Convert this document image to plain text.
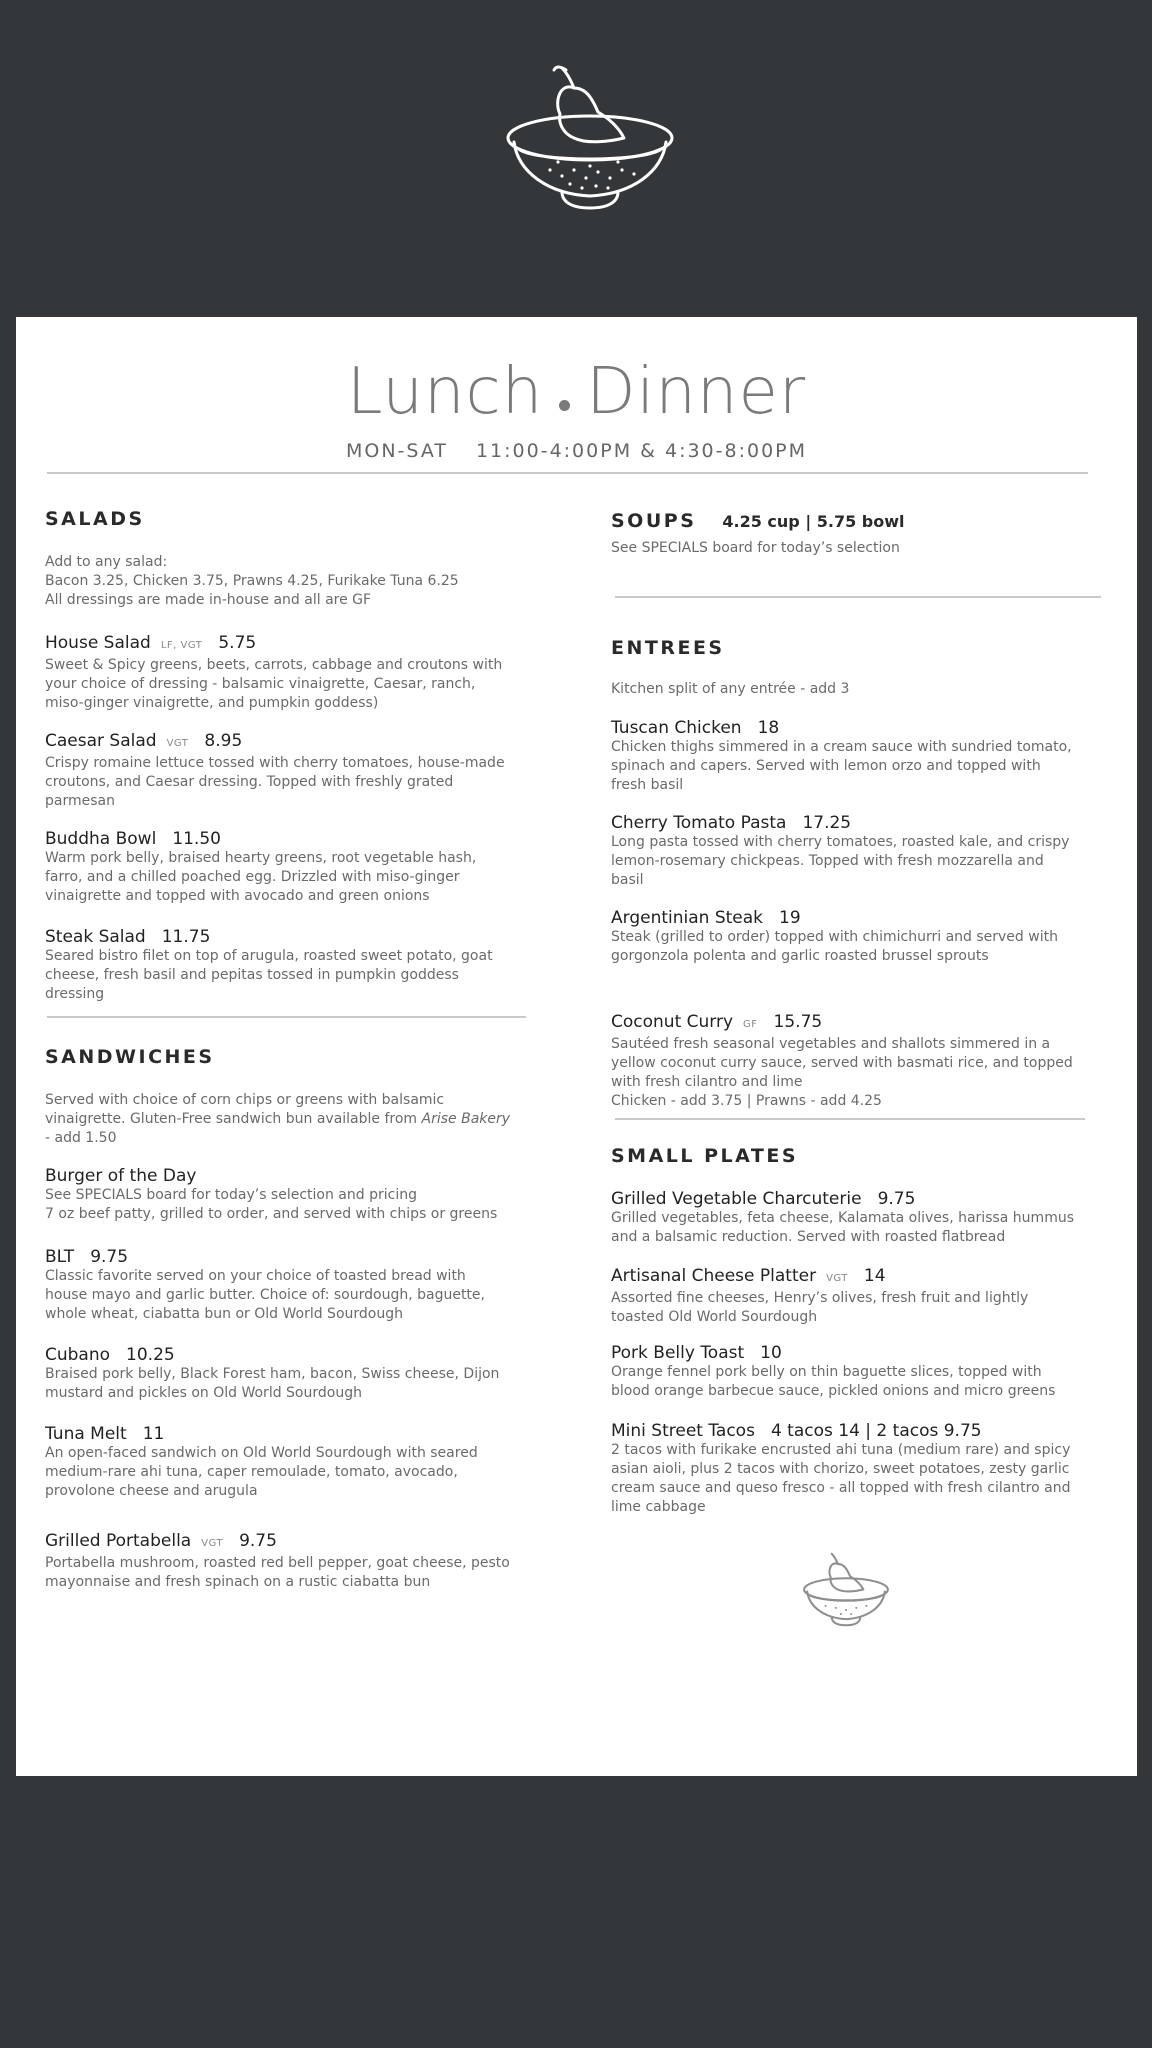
Lunch Dinner
MON-SAT 11:00-4:00PM & 4:30-8:00PM
SALADS
Add to any salad:
Bacon 3.25, Chicken 3.75, Prawns 4.25, Furikake Tuna 6.25
All dressings are made in-house and all are GF
House Salad LF, VGT 5.75
Sweet & Spicy greens, beets, carrots, cabbage and croutons with
your choice of dressing - balsamic vinaigrette, Caesar, ranch,
miso-ginger vinaigrette, and pumpkin goddess)
Caesar Salad VGT 8.95
Crispy romaine lettuce tossed with cherry tomatoes, house-made
croutons, and Caesar dressing. Topped with freshly grated
parmesan
Buddha Bowl 11.50
Warm pork belly, braised hearty greens, root vegetable hash,
farro, and a chilled poached egg. Drizzled with miso-ginger
vinaigrette and topped with avocado and green onions
Steak Salad 11.75
Seared bistro filet on top of arugula, roasted sweet potato, goat
cheese, fresh basil and pepitas tossed in pumpkin goddess
dressing
SANDWICHES
Served with choice of corn chips or greens with balsamic
vinaigrette. Gluten-Free sandwich bun available from Arise Bakery
- add 1.50
Burger of the Day
See SPECIALS board for today’s selection and pricing
7 oz beef patty, grilled to order, and served with chips or greens
BLT 9.75
Classic favorite served on your choice of toasted bread with
house mayo and garlic butter. Choice of: sourdough, baguette,
whole wheat, ciabatta bun or Old World Sourdough
Cubano 10.25
Braised pork belly, Black Forest ham, bacon, Swiss cheese, Dijon
mustard and pickles on Old World Sourdough
Tuna Melt 11
An open-faced sandwich on Old World Sourdough with seared
medium-rare ahi tuna, caper remoulade, tomato, avocado,
provolone cheese and arugula
Grilled Portabella VGT 9.75
Portabella mushroom, roasted red bell pepper, goat cheese, pesto
mayonnaise and fresh spinach on a rustic ciabatta bun
SOUPS 4.25 cup | 5.75 bowl
See SPECIALS board for today’s selection
ENTREES
Kitchen split of any entrée - add 3
Tuscan Chicken 18
Chicken thighs simmered in a cream sauce with sundried tomato,
spinach and capers. Served with lemon orzo and topped with
fresh basil
Cherry Tomato Pasta 17.25
Long pasta tossed with cherry tomatoes, roasted kale, and crispy
lemon-rosemary chickpeas. Topped with fresh mozzarella and
basil
Argentinian Steak 19
Steak (grilled to order) topped with chimichurri and served with
gorgonzola polenta and garlic roasted brussel sprouts
Coconut Curry GF 15.75
Sautéed fresh seasonal vegetables and shallots simmered in a
yellow coconut curry sauce, served with basmati rice, and topped
with fresh cilantro and lime
Chicken - add 3.75 | Prawns - add 4.25
SMALL PLATES
Grilled Vegetable Charcuterie 9.75
Grilled vegetables, feta cheese, Kalamata olives, harissa hummus
and a balsamic reduction. Served with roasted flatbread
Artisanal Cheese Platter VGT 14
Assorted fine cheeses, Henry’s olives, fresh fruit and lightly
toasted Old World Sourdough
Pork Belly Toast 10
Orange fennel pork belly on thin baguette slices, topped with
blood orange barbecue sauce, pickled onions and micro greens
Mini Street Tacos 4 tacos 14 | 2 tacos 9.75
2 tacos with furikake encrusted ahi tuna (medium rare) and spicy
asian aioli, plus 2 tacos with chorizo, sweet potatoes, zesty garlic
cream sauce and queso fresco - all topped with fresh cilantro and
lime cabbage
